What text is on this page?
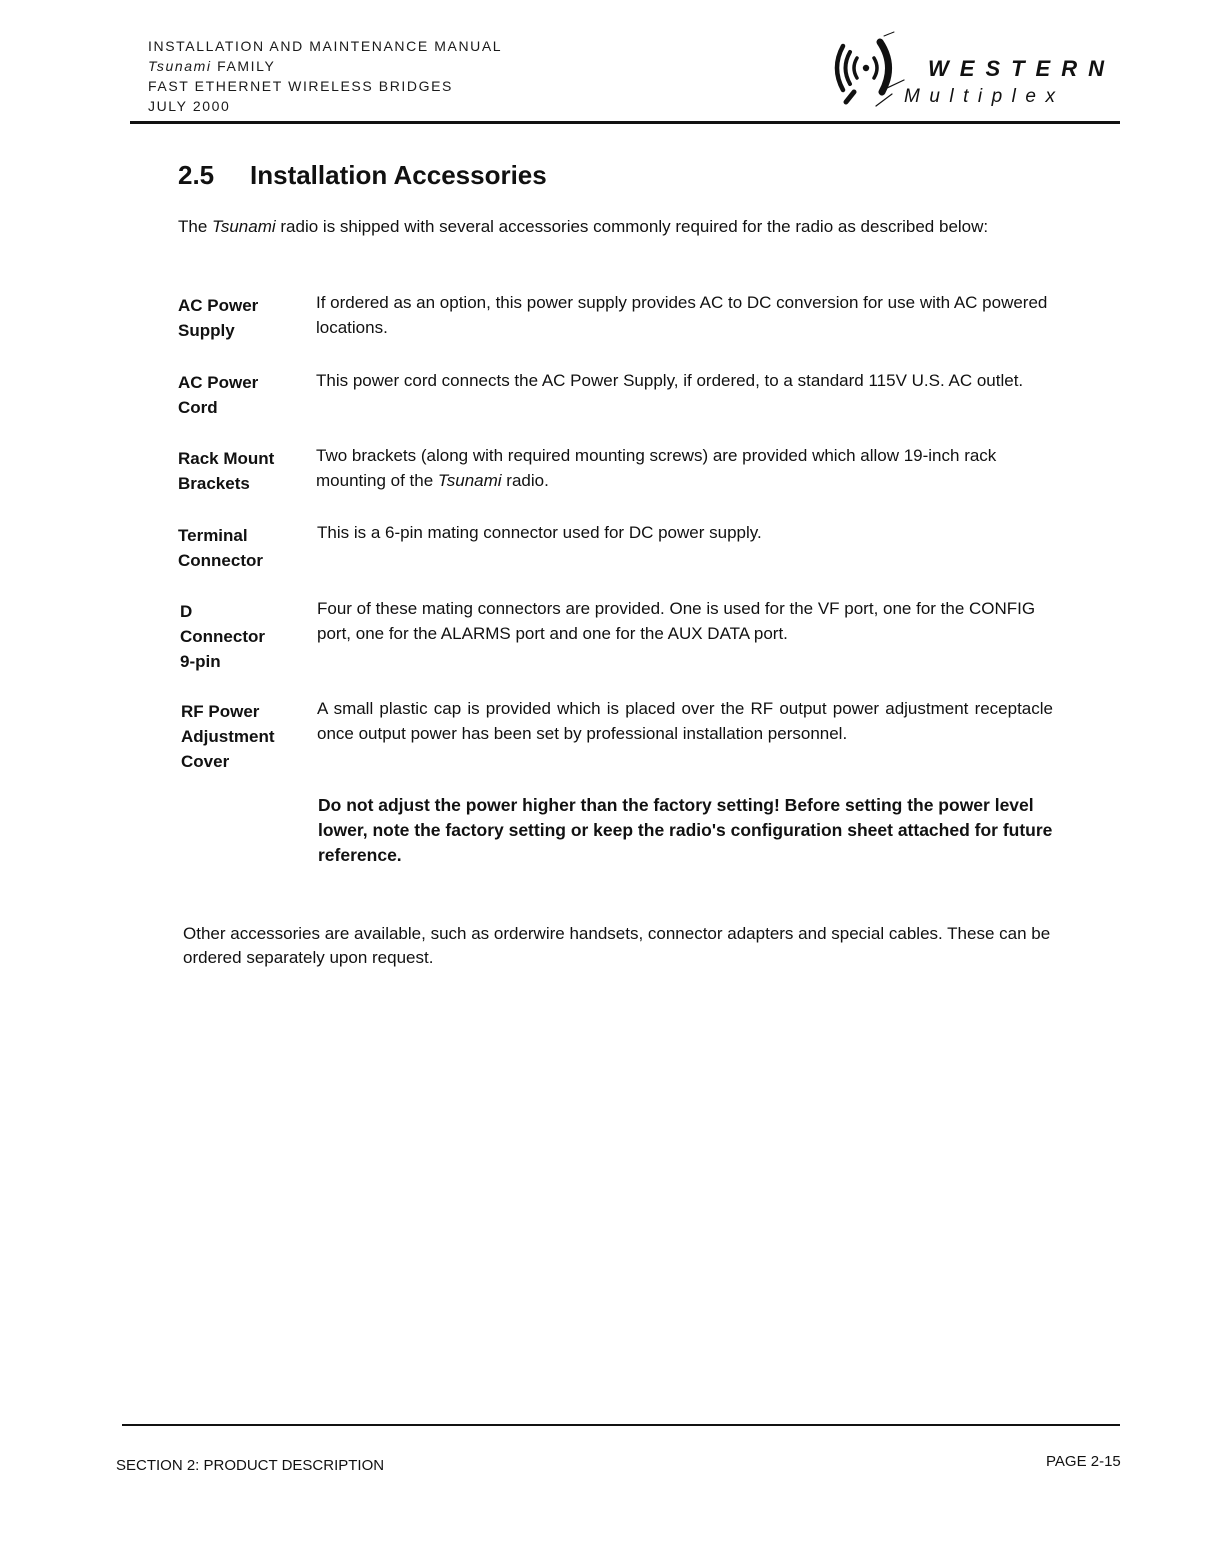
INSTALLATION AND MAINTENANCE MANUAL
Tsunami FAMILY
FAST ETHERNET WIRELESS BRIDGES
JULY 2000
WESTERN
Multiplex
2.5 Installation Accessories
The Tsunami radio is shipped with several accessories commonly required for the radio as described below:
AC Power
Supply
If ordered as an option, this power supply provides AC to DC conversion for use with AC powered locations.
AC Power
Cord
This power cord connects the AC Power Supply, if ordered, to a standard 115V U.S. AC outlet.
Rack Mount
Brackets
Two brackets (along with required mounting screws) are provided which allow 19-inch rack mounting of the Tsunami radio.
Terminal
Connector
This is a 6-pin mating connector used for DC power supply.
D
Connector
9-pin
Four of these mating connectors are provided. One is used for the VF port, one for the CONFIG port, one for the ALARMS port and one for the AUX DATA port.
RF Power
Adjustment
Cover
A small plastic cap is provided which is placed over the RF output power adjustment receptacle once output power has been set by professional installation personnel.
Do not adjust the power higher than the factory setting! Before setting the power level lower, note the factory setting or keep the radio's configuration sheet attached for future reference.
Other accessories are available, such as orderwire handsets, connector adapters and special cables. These can be ordered separately upon request.
SECTION 2: PRODUCT DESCRIPTION	PAGE 2-15
